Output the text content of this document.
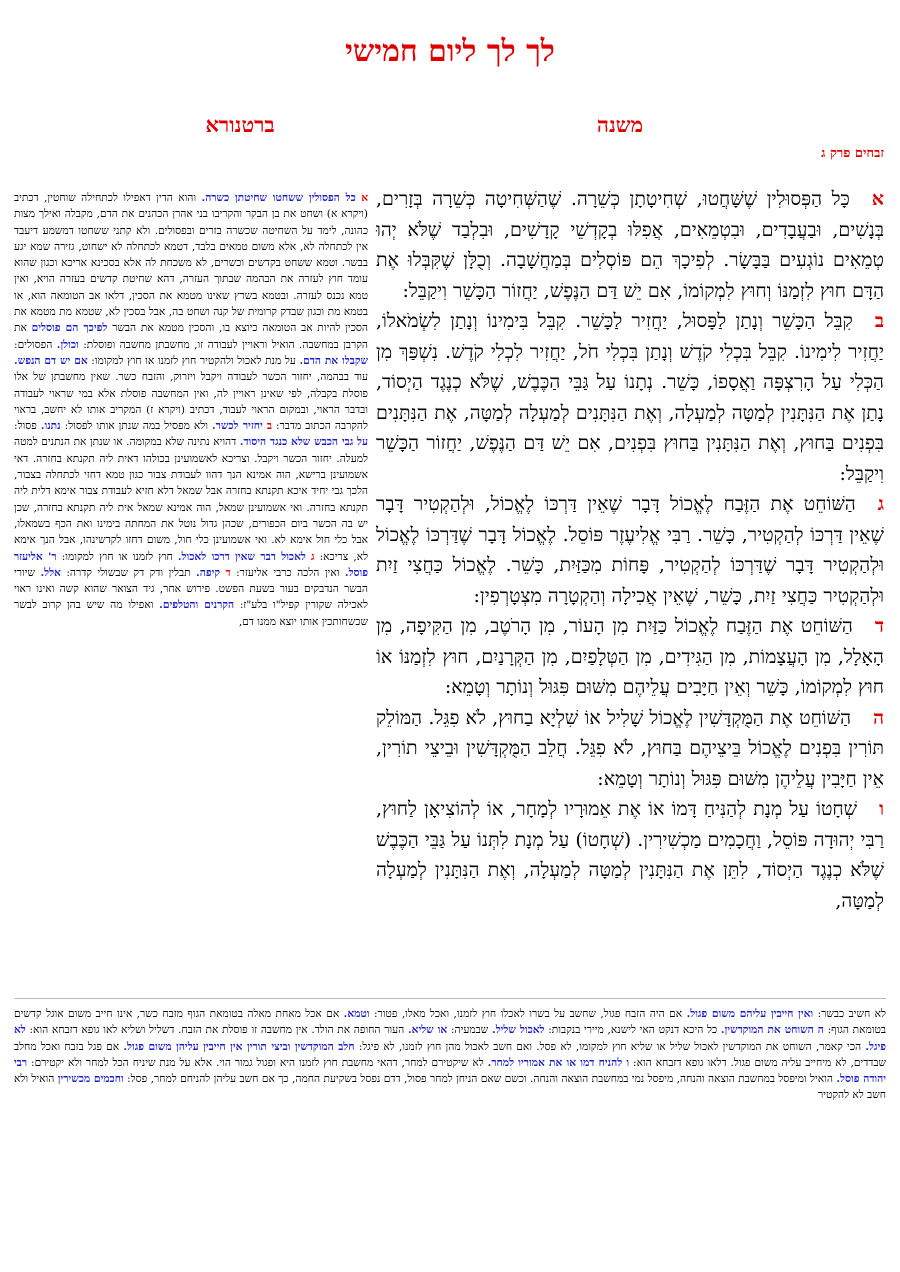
לך לך ליום חמישי
משנה
ברטנורא
זבחים פרק ג

אכָּל הַפְּסוּלִין שֶׁשָּׁחֲטוּ, שְׁחִיטָתָן כְּשֵׁרָה. שֶׁהַשְּׁחִיטָה כְּשֵׁרָה בְּזָרִים, בְּנָשִׁים, וּבַעֲבָדִים, וּבִטְמֵאִים, אֲפִלּוּ בְקָדְשֵׁי קָדָשִׁים, וּבִלְבַד שֶׁלֹּא יְהוּ טְמֵאִים נוֹגְעִים בַּבָּשָׂר. לְפִיכָךְ הֵם פּוֹסְלִים בְּמַחֲשָׁבָה. וְכֻלָּן שֶׁקִּבְּלוּ אֶת הַדָּם חוּץ לִזְמַנּוֹ וְחוּץ לִמְקוֹמוֹ, אִם יֵשׁ דַּם הַנֶּפֶשׁ, יַחֲזוֹר הַכָּשֵׁר וִיקַבֵּל:

בקִבֵּל הַכָּשֵׁר וְנָתַן לַפָּסוּל, יַחֲזִיר לַכָּשֵׁר. קִבֵּל בִּימִינוֹ וְנָתַן לִשְׂמֹאלוֹ, יַחֲזִיר לִימִינוֹ. קִבֵּל בִּכְלִי קֹדֶשׁ וְנָתַן בִּכְלִי חֹל, יַחֲזִיר לִכְלִי קֹדֶשׁ. נִשְׁפַּךְ מִן הַכְּלִי עַל הָרִצְפָּה וַאֲסָפוֹ, כָּשֵׁר. נְתָנוֹ עַל גַּבֵּי הַכֶּבֶשׁ, שֶׁלֹּא כְנֶגֶד הַיְסוֹד, נָתַן אֶת הַנִּתָּנִין לְמַטָּה לְמַעְלָה, וְאֶת הַנִּתָּנִים לְמַעְלָה לְמַטָּה, אֶת הַנִּתָּנִים בִּפְנִים בַּחוּץ, וְאֶת הַנִּתָּנִין בַּחוּץ בִּפְנִים, אִם יֵשׁ דַּם הַנֶּפֶשׁ, יַחֲזוֹר הַכָּשֵׁר וִיקַבֵּל:

גהַשּׁוֹחֵט אֶת הַזֶּבַח לֶאֱכוֹל דָּבָר שֶׁאֵין דַּרְכּוֹ לֶאֱכוֹל, וּלְהַקְטִיר דָּבָר שֶׁאֵין דַּרְכּוֹ לְהַקְטִיר, כָּשֵׁר. רַבִּי אֱלִיעֶזֶר פּוֹסֵל. לֶאֱכוֹל דָּבָר שֶׁדַּרְכּוֹ לֶאֱכוֹל וּלְהַקְטִיר דָּבָר שֶׁדַּרְכּוֹ לְהַקְטִיר, פָּחוֹת מִכַּזַּיִת, כָּשֵׁר. לֶאֱכוֹל כַּחֲצִי זַיִת וּלְהַקְטִיר כַּחֲצִי זַיִת, כָּשֵׁר, שֶׁאֵין אֲכִילָה וְהַקְטָרָה מִצְטָרְפִין:

דהַשּׁוֹחֵט אֶת הַזֶּבַח לֶאֱכוֹל כַּזַּיִת מִן הָעוֹר, מִן הָרֹטֶב, מִן הַקִּיפָה, מִן הָאָלָל, מִן הָעֲצָמוֹת, מִן הַגִּידִים, מִן הַטְּלָפַיִם, מִן הַקְּרָנַיִם, חוּץ לִזְמַנּוֹ אוֹ חוּץ לִמְקוֹמוֹ, כָּשֵׁר וְאֵין חַיָּבִים עֲלֵיהֶם מִשּׁוּם פִּגּוּל וְנוֹתָר וְטָמֵא:

ההַשּׁוֹחֵט אֶת הַמֻּקְדָּשִׁין לֶאֱכוֹל שָׁלִיל אוֹ שִׁלְיָא בַחוּץ, לֹא פִגֵּל. הַמּוֹלֵק תּוֹרִין בִּפְנִים לֶאֱכוֹל בֵּיצֵיהֶם בַּחוּץ, לֹא פִגֵּל. חֲלֵב הַמֻּקְדָּשִׁין וּבֵיצֵי תוֹרִין, אֵין חַיָּבִין עֲלֵיהֶן מִשּׁוּם פִּגּוּל וְנוֹתָר וְטָמֵא:

ושְׁחָטוֹ עַל מְנָת לְהַנִּיחַ דָּמוֹ אוֹ אֶת אֵמוּרָיו לְמָחָר, אוֹ לְהוֹצִיאָן לַחוּץ, רַבִּי יְהוּדָה פּוֹסֵל, וַחֲכָמִים מַכְשִׁירִין. (שְׁחָטוֹ) עַל מְנָת לִתְּנוֹ עַל גַּבֵּי הַכֶּבֶשׁ שֶׁלֹּא כְנֶגֶד הַיְסוֹד, לִתֵּן אֶת הַנִּתָּנִין לְמַטָּה לְמַעְלָה, וְאֶת הַנִּתָּנִין לְמַעְלָה לְמַטָּה,

א כל הפסולין ששחטו שחיטתן כשרה. והוא הדין דאפילו לכתחילה שוחטין, דכתיב (ויקרא א) ושחט את בן הבקר והקריבו בני אהרן הכהנים את הדם, מקבלה ואילך מצות כהונה, לימד על השחיטה שכשרה בזרים ובפסולים. ולא קתני ששחטו דמשמע דיעבד אין לכתחלה לא, אלא משום טמאים בלבד, דטמא לכתחלה לא ישחוט, גזירה שמא יגע בבשר. וטמא ששחט בקדשים וכשרים, לא משכחת לה אלא בסכינא אריכא וכגון שהוא עומד חוץ לעזרה את הבהמה שבתוך העזרה, דהא שחיטת קדשים בעזרה הויא, ואין טמא נכנס לעזרה. ובטמא בשרץ שאינו מטמא את הסכין, דלאו אב הטומאה הוא, או בטמא מת וכגון שבדק קרומית של קנה ושחט בה, אבל בסכין לא, שטמא מת מטמא את הסכין להיות אב הטומאה כיוצא בו, והסכין מטמא את הבשר לפיכך הם פוסלים את הקרבן במחשבה. הואיל וראויין לעבודה זו, מחשבתן מחשבה ופוסלת: וכולן. הפסולים: שקבלו את הדם. על מנת לאכול ולהקטיר חוץ לזמנו או חוץ למקומו: אם יש דם הנפש. עוד בבהמה, יחזור הכשר לעבודה ויקבל ויזרוק, והזבח כשר. שאין מחשבתן של אלו פוסלת בקבלה, לפי שאינן ראויין לה, ואין המחשבה פוסלת אלא במי שראוי לעבודה ובדבר הראוי, ובמקום הראוי לעבוד, דכתיב (ויקרא ז) המקריב אותו לא יחשב, בראוי להקרבה הכתוב מדבר: ב יחזיר לכשר. ולא מפסיל במה שנתן אותו לפסול: נתנו. פסול: על גבי הכבש שלא כנגד היסוד. דהויא נתינה שלא במקומה. או שנתן את הנתנים למטה למעלה. יחזור הכשר ויקבל. וצריכא לאשמועינן בכולהו דאית ליה תקנתא בחזרה. דאי אשמועינן ברישא, הוה אמינא הנך דהוו לעבודת צבור כגון טמא דחזי לכתחלה בצבור, הלכך גבי יחיד איכא תקנתא בחזרה אבל שמאל דלא חזיא לעבודת צבור אימא דלית ליה תקנתא בחזרה. ואי אשמועינן שמאל, הוה אמינא שמאל אית ליה תקנתא בחזרה, שכן יש בה הכשר ביום הכפורים, שכהן גדול נוטל את המחתה בימינו ואת הכף בשמאלו, אבל כלי חול אימא לא. ואי אשמועינן כלי חול, משום דחזו לקדשינהו, אבל הנך אימא לא, צריכא: ג לאכול דבר שאין דרכו לאכול. חוץ לזמנו או חוץ למקומו: ר' אליעזר פוסל. ואין הלכה כרבי אליעזר: ד קיפה. תבלין ודק דק שבשולי קדרה: אלל. שיורי הבשר הנדבקים בעור בשעת הפשט. פירוש אחר, גיד הצואר שהוא קשה ואינו ראוי לאכילה שקורין קפיל"ו בלע"ז: הקרנים והטלפים. ואפילו מה שיש בהן קרוב לבשר שכשחותכין אותו יוצא ממנו דם,

לא חשיב כבשר: ואין חייבין עליהם משום פגול. אם היה הזבח פגול, שחשב על בשרו לאכלו חוץ לזמנו, ואכל מאלו, פטור: וטמא. אם אכל מאחת מאלה בטומאת הגוף מזבח כשר, אינו חייב משום אוגל קדשים בטומאת הגוף: ה השוחט את המוקדשין. כל היכא דנקט האי לישנא, מיירי בנקבות: לאכול שליל. שבמעיה: או שליא. העור החופה את הולד. אין מחשבה זו פוסלת את הזבח. דשליל ושליא לאו גופא דזבחא הוא: לא פיגל. הכי קאמר, השוחט את המוקדשין לאכול שליל או שליא חוץ למקומו, לא פסל. ואם חשב לאכול מהן חוץ לזמנו, לא פיגל: חלב המוקדשין וביצי תורין אין חייבין עליהן משום פגול. אם פגל בזבח ואכל מחלב שבדדים, לא מיחייב עליה משום פגול. דלאו גופא דזבחא הוא: ו להניח דמו או את אמוריו למחר. לא שיקטירם למחר, דהאי מחשבת חוץ לזמנו היא ופגול גמור הוי. אלא על מנת שיניח הכל למחר ולא יקטירם: רבי יהודה פוסל. הואיל ומיפסל במחשבת הוצאה והנחה, מיפסל נמי במחשבת הוצאה והנחה. וכשם שאם הניחן למחר פסול, דדם נפסל בשקיעת החמה, כך אם חשב עליהן להניחם למחר, פסל: וחכמים מכשירין הואיל ולא חשב לא להקטיר
